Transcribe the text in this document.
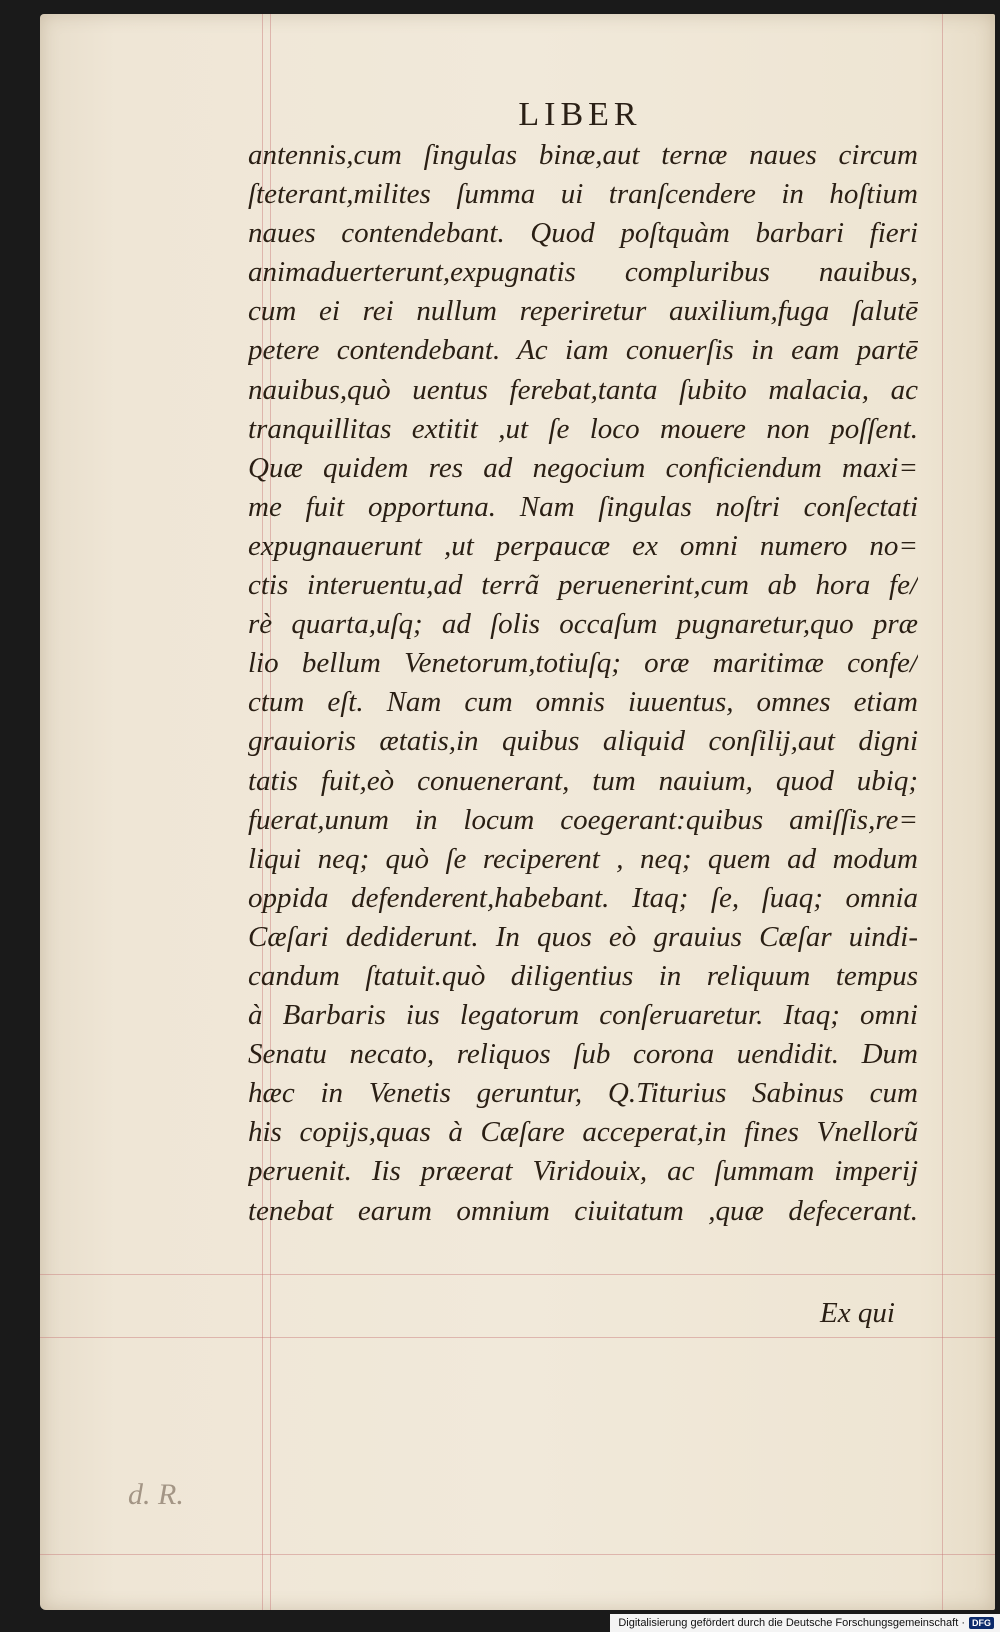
LIBER
antennis,cum ſingulas binæ,aut ternæ naues circum
ſteterant,milites ſumma ui tranſcendere in hoſtium
naues contendebant. Quod poſtquàm barbari fieri
animaduerterunt,expugnatis compluribus nauibus,
cum ei rei nullum reperiretur auxilium,fuga ſalutē
petere contendebant. Ac iam conuerſis in eam partē
nauibus,quò uentus ferebat,tanta ſubito malacia, ac
tranquillitas extitit ,ut ſe loco mouere non poſſent.
Quæ quidem res ad negocium conficiendum maxi=
me fuit opportuna. Nam ſingulas noſtri conſectati
expugnauerunt ,ut perpaucæ ex omni numero no=
ctis interuentu,ad terrã peruenerint,cum ab hora fe/
rè quarta,uſq; ad ſolis occaſum pugnaretur,quo præ
lio bellum Venetorum,totiuſq; oræ maritimæ confe/
ctum eſt. Nam cum omnis iuuentus, omnes etiam
grauioris ætatis,in quibus aliquid conſilij,aut digni
tatis fuit,eò conuenerant, tum nauium, quod ubiq;
fuerat,unum in locum coegerant:quibus amiſſis,re=
liqui neq; quò ſe reciperent , neq; quem ad modum
oppida defenderent,habebant. Itaq; ſe, ſuaq; omnia
Cæſari dediderunt. In quos eò grauius Cæſar uindi-
candum ſtatuit.quò diligentius in reliquum tempus
à Barbaris ius legatorum conſeruaretur. Itaq; omni
Senatu necato, reliquos ſub corona uendidit. Dum
hæc in Venetis geruntur, Q.Titurius Sabinus cum
his copijs,quas à Cæſare acceperat,in fines Vnellorũ
peruenit. Iis præerat Viridouix, ac ſummam imperij
tenebat earum omnium ciuitatum ,quæ defecerant.
Ex qui
d. R.
Digitalisierung gefördert durch die Deutsche Forschungsgemeinschaft · DFG
